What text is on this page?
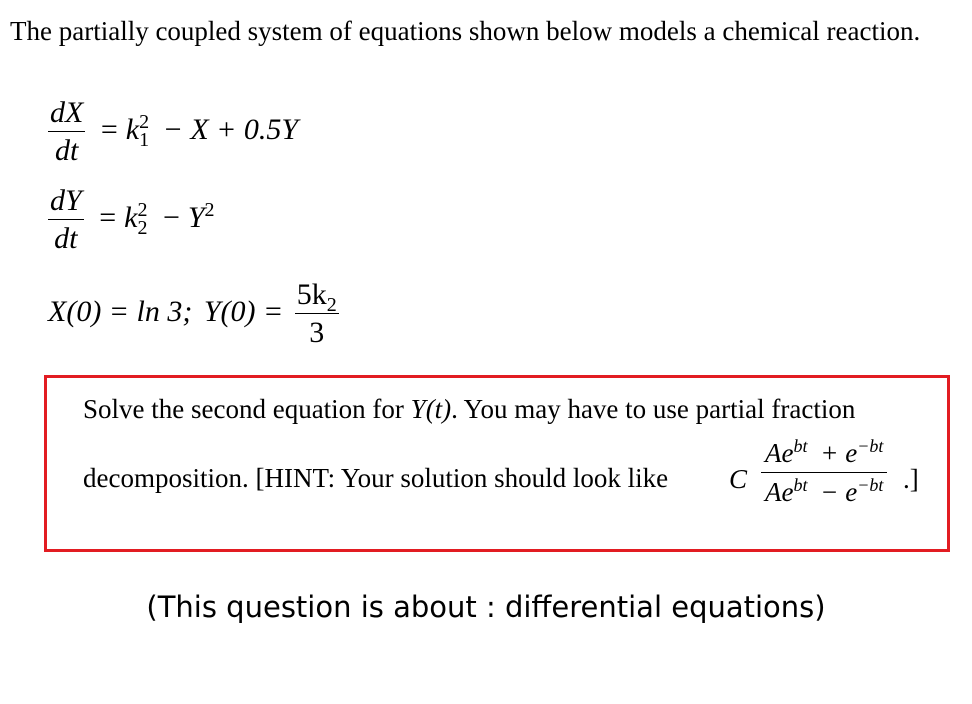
The partially coupled system of equations shown below models a chemical reaction.
$\frac{dX}{dt} = k^2_1 - X + 0.5Y$
$\frac{dY}{dt} = k^2_2 - Y^2$
X(0) = ln 3; $Y(0) = \frac{5k_2}{3}$
Solve the second equation for Y(t). You may have to use partial fraction
decomposition. [HINT: Your solution should look like C $\frac{Ae^{bt} + e^{-bt}}{Ae^{bt} - e^{-bt}}$ .]
(This question is about : differential equations)
